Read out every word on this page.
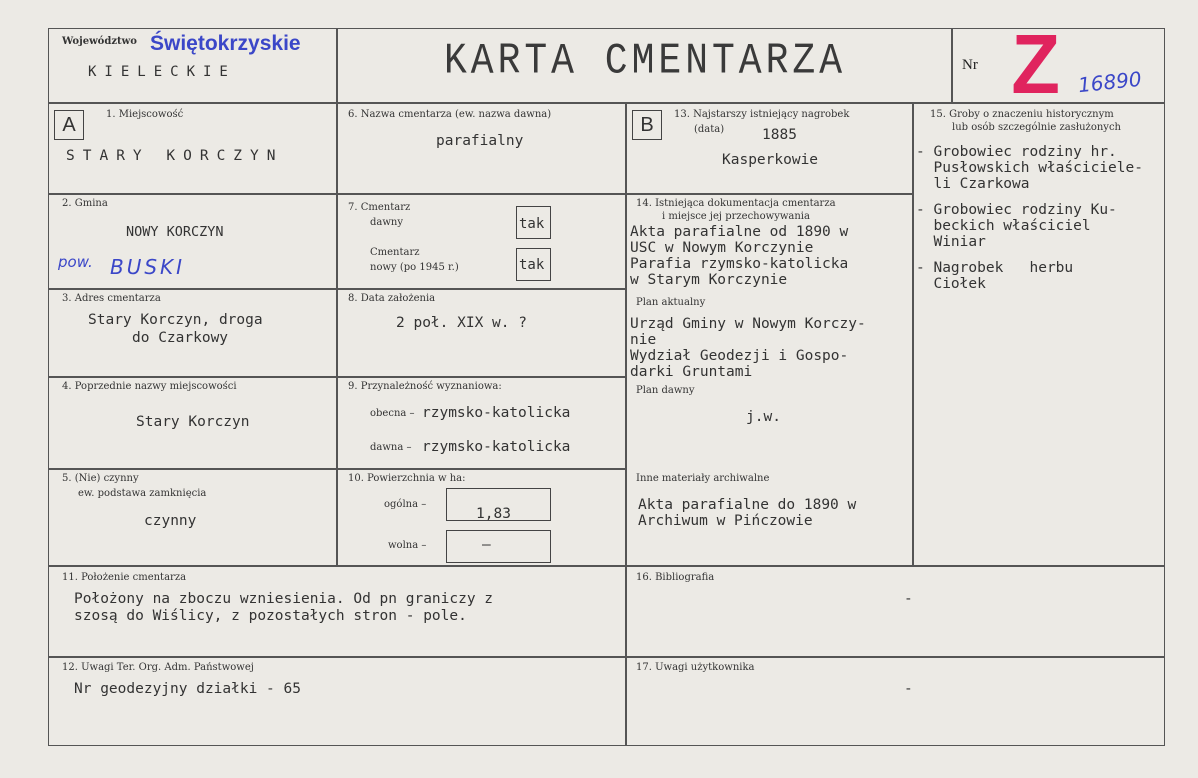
Województwo Świętokrzyskie
KIELECKIE	KARTA CMENTARZA	Nr Z 16890
A	1. Miejscowość
STARY KORCZYN
2. Gmina
NOWY KORCZYN
pow. BUSKI
3. Adres cmentarza
Stary Korczyn, droga
do Czarkowy
4. Poprzednie nazwy miejscowości
Stary Korczyn
5. (Nie) czynny
ew. podstawa zamknięcia
czynny
6. Nazwa cmentarza (ew. nazwa dawna)
parafialny
7. Cmentarz
dawny	tak
Cmentarz
nowy (po 1945 r.)	tak
8. Data założenia
2 poł. XIX w. ?
9. Przynależność wyznaniowa:
obecna – rzymsko-katolicka
dawna – rzymsko-katolicka
10. Powierzchnia w ha:
ogólna –
1,83
wolna –	—
B	13. Najstarszy istniejący nagrobek
(data)	1885
Kasperkowie
14. Istniejąca dokumentacja cmentarza
i miejsce jej przechowywania
Akta parafialne od 1890 w
USC w Nowym Korczynie
Parafia rzymsko-katolicka
w Starym Korczynie
Plan aktualny
Urząd Gminy w Nowym Korczy-
nie
Wydział Geodezji i Gospo-
darki Gruntami
Plan dawny
j.w.
Inne materiały archiwalne
Akta parafialne do 1890 w
Archiwum w Pińczowie
15. Groby o znaczeniu historycznym
lub osób szczególnie zasłużonych
- Grobowiec rodziny hr.
Pusłowskich właściciele-
li Czarkowa
- Grobowiec rodziny Ku-
beckich właściciel
Winiar
- Nagrobek   herbu
Ciołek
11. Położenie cmentarza
Położony na zboczu wzniesienia. Od pn graniczy z
szosą do Wiślicy, z pozostałych stron - pole.
16. Bibliografia
-
12. Uwagi Ter. Org. Adm. Państwowej
Nr geodezyjny działki - 65
17. Uwagi użytkownika
-
